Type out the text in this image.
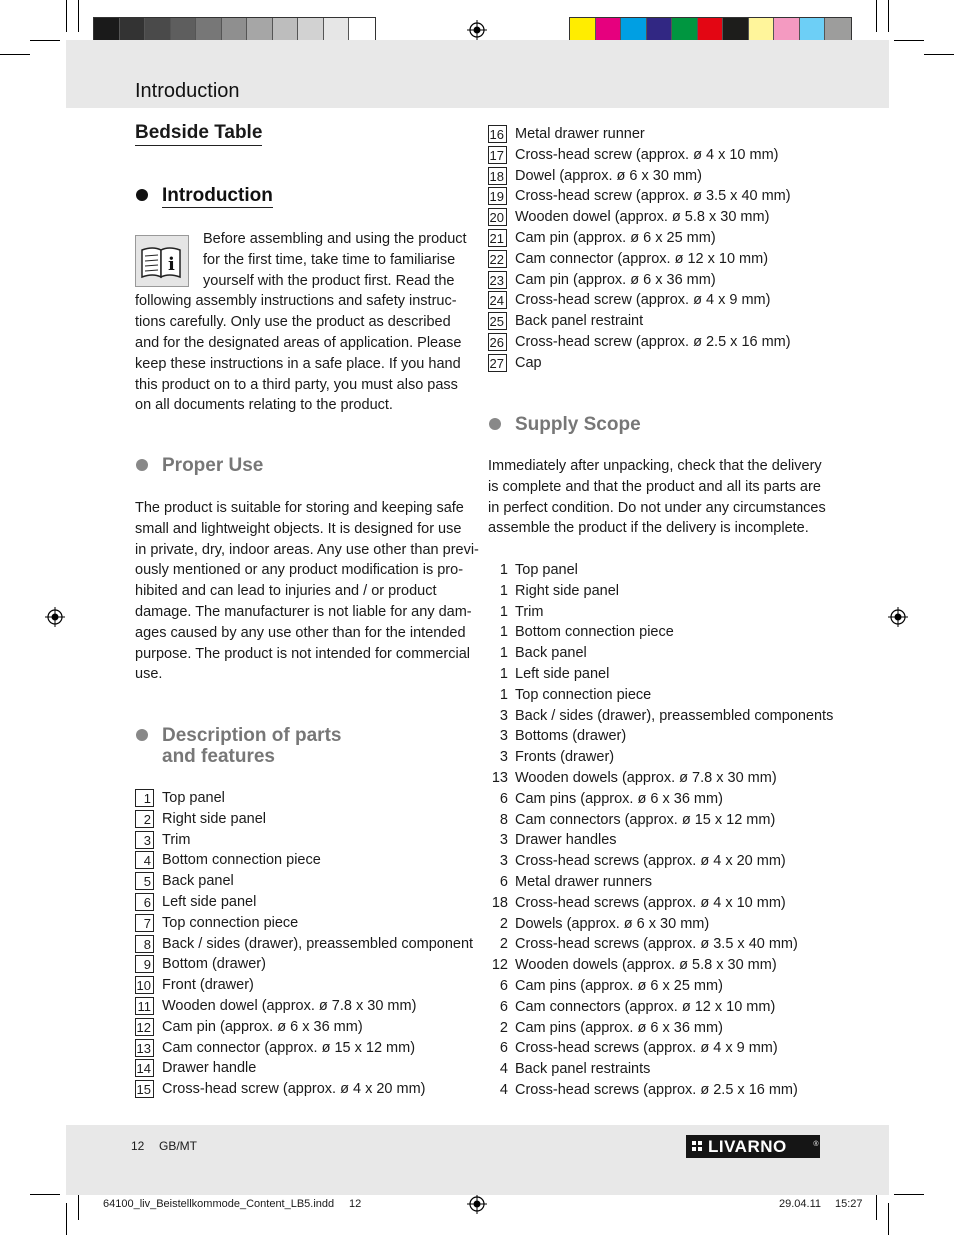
Introduction
Bedside Table
Introduction
i
Before assembling and using the product
for the first time, take time to familiarise
yourself with the product first. Read the
following assembly instructions and safety instruc-
tions carefully. Only use the product as described
and for the designated areas of application. Please
keep these instructions in a safe place. If you hand
this product on to a third party, you must also pass
on all documents relating to the product.
Proper Use
The product is suitable for storing and keeping safe
small and lightweight objects. It is designed for use
in private, dry, indoor areas. Any use other than previ-
ously mentioned or any product modification is pro-
hibited and can lead to injuries and / or product
damage. The manufacturer is not liable for any dam-
ages caused by any use other than for the intended
purpose. The product is not intended for commercial
use.
Description of parts
and features
1 Top panel
2 Right side panel
3 Trim
4 Bottom connection piece
5 Back panel
6 Left side panel
7 Top connection piece
8 Back / sides (drawer), preassembled component
9 Bottom (drawer)
10 Front (drawer)
11 Wooden dowel (approx. ø 7.8 x 30 mm)
12 Cam pin (approx. ø 6 x 36 mm)
13 Cam connector (approx. ø 15 x 12 mm)
14 Drawer handle
15 Cross-head screw (approx. ø 4 x 20 mm)
16 Metal drawer runner
17 Cross-head screw (approx. ø 4 x 10 mm)
18 Dowel (approx. ø 6 x 30 mm)
19 Cross-head screw (approx. ø 3.5 x 40 mm)
20 Wooden dowel (approx. ø 5.8 x 30 mm)
21 Cam pin (approx. ø 6 x 25 mm)
22 Cam connector (approx. ø 12 x 10 mm)
23 Cam pin (approx. ø 6 x 36 mm)
24 Cross-head screw (approx. ø 4 x 9 mm)
25 Back panel restraint
26 Cross-head screw (approx. ø 2.5 x 16 mm)
27 Cap
Supply Scope
Immediately after unpacking, check that the delivery
is complete and that the product and all its parts are
in perfect condition. Do not under any circumstances
assemble the product if the delivery is incomplete.
1 Top panel
1 Right side panel
1 Trim
1 Bottom connection piece
1 Back panel
1 Left side panel
1 Top connection piece
3 Back / sides (drawer), preassembled components
3 Bottoms (drawer)
3 Fronts (drawer)
13 Wooden dowels (approx. ø 7.8 x 30 mm)
6 Cam pins (approx. ø 6 x 36 mm)
8 Cam connectors (approx. ø 15 x 12 mm)
3 Drawer handles
3 Cross-head screws (approx. ø 4 x 20 mm)
6 Metal drawer runners
18 Cross-head screws (approx. ø 4 x 10 mm)
2 Dowels (approx. ø 6 x 30 mm)
2 Cross-head screws (approx. ø 3.5 x 40 mm)
12 Wooden dowels (approx. ø 5.8 x 30 mm)
6 Cam pins (approx. ø 6 x 25 mm)
6 Cam connectors (approx. ø 12 x 10 mm)
2 Cam pins (approx. ø 6 x 36 mm)
6 Cross-head screws (approx. ø 4 x 9 mm)
4 Back panel restraints
4 Cross-head screws (approx. ø 2.5 x 16 mm)
12 GB/MT	LIVARNO	®
64100_liv_Beistellkommode_Content_LB5.indd 12	29.04.11 15:27
